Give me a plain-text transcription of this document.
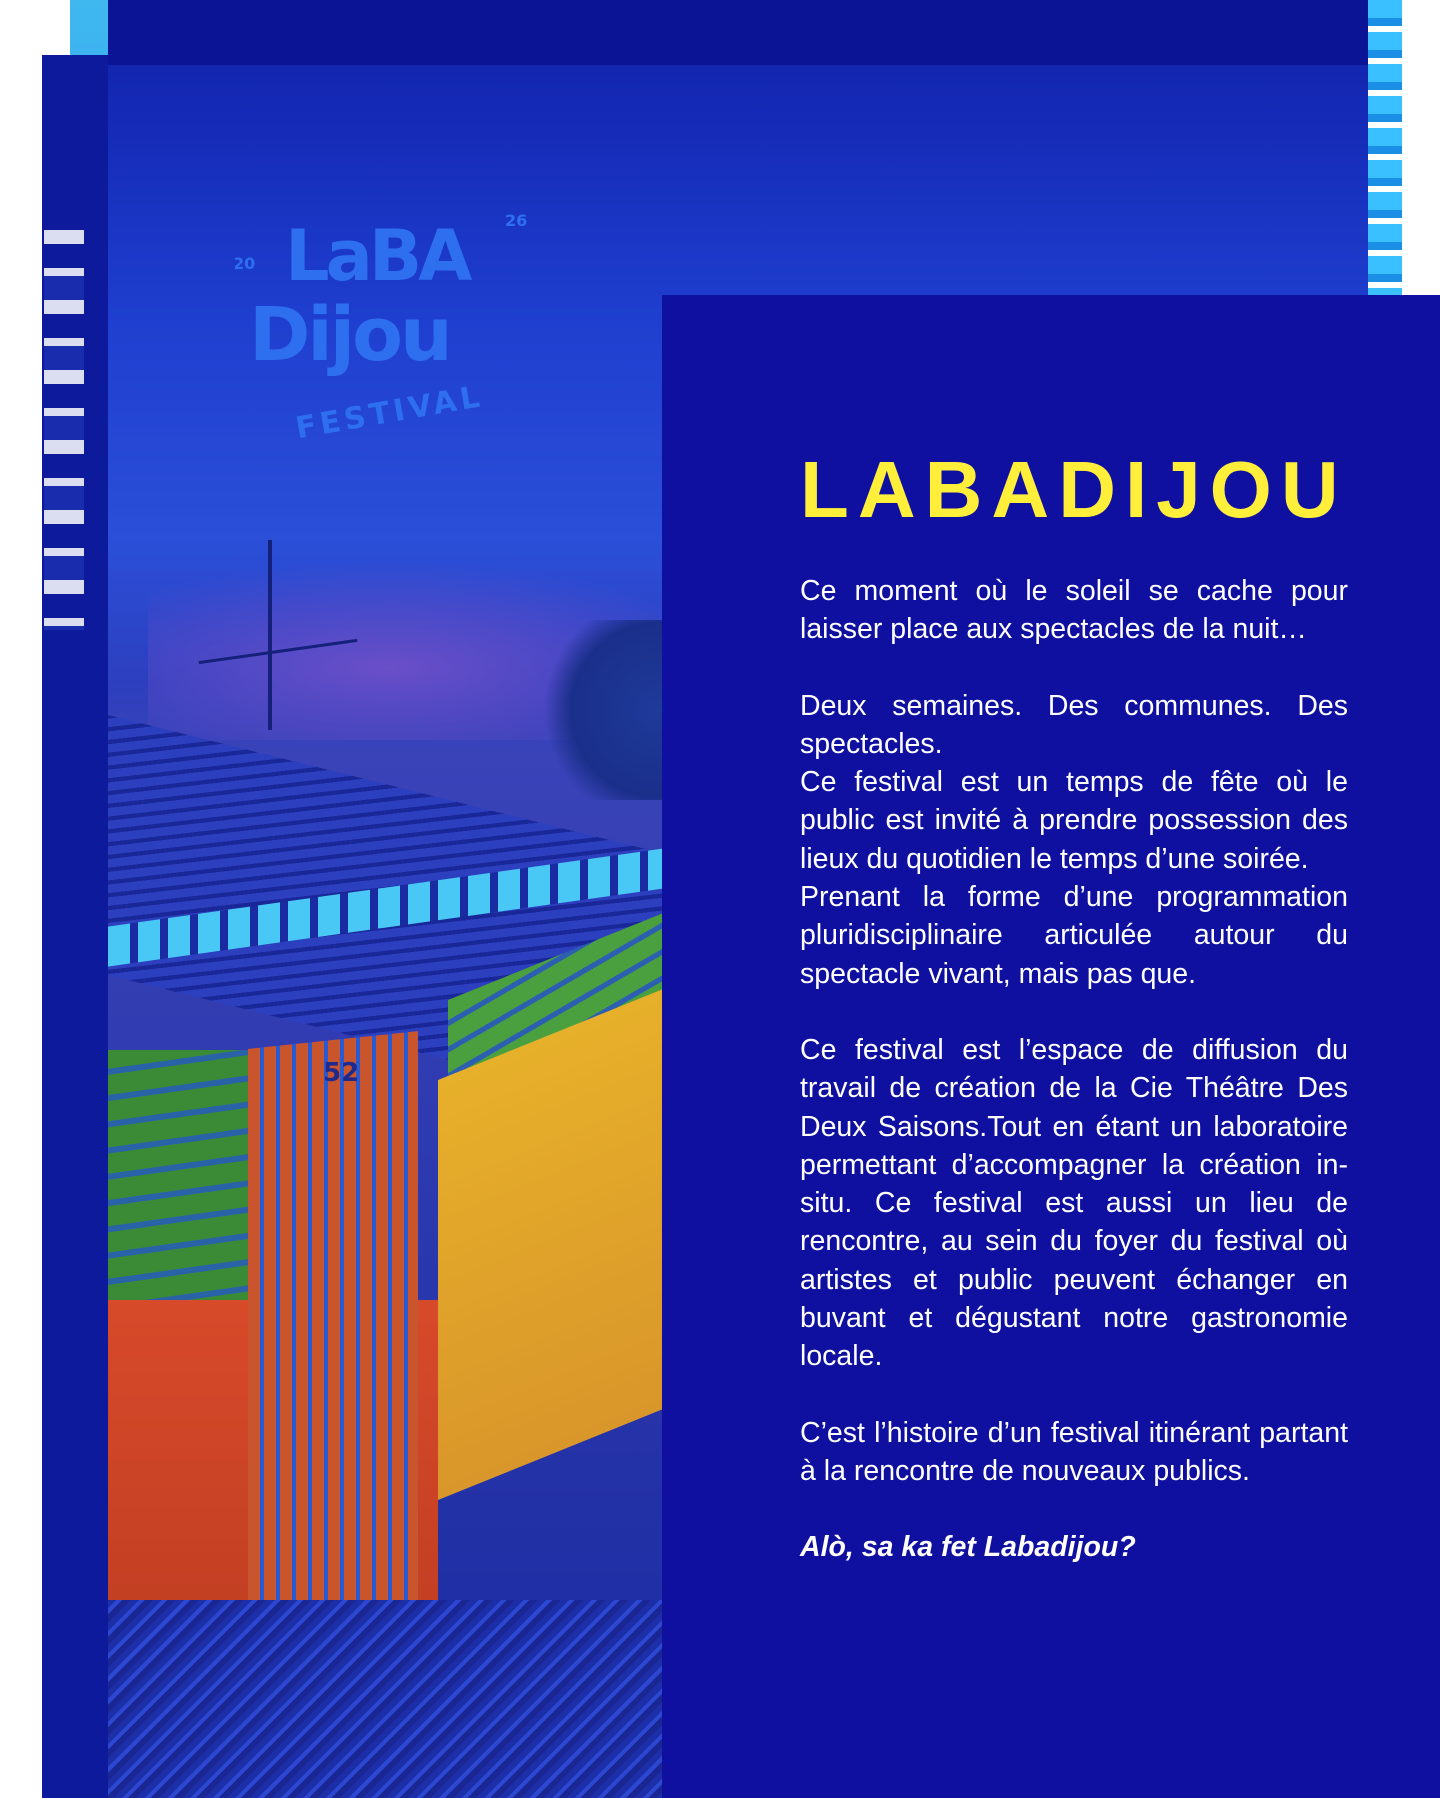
52
20
26
LaBA
Dijou
FESTIVAL
LABADIJOU

Ce moment où le soleil se cache pour laisser place aux spectacles de la nuit…

Deux semaines. Des communes. Des spectacles.

Ce festival est un temps de fête où le public est invité à prendre possession des lieux du quotidien le temps d’une soirée.

Prenant la forme d’une programmation pluridisciplinaire articulée autour du spectacle vivant, mais pas que.

Ce festival est l’espace de diffusion du travail de création de la Cie Théâtre Des Deux Saisons.Tout en étant un laboratoire permettant d’accompagner la création in-situ. Ce festival est aussi un lieu de rencontre, au sein du foyer du festival où artistes et public peuvent échanger en buvant et dégustant notre gastronomie locale.

C’est l’histoire d’un festival itinérant partant à la rencontre de nouveaux publics.

Alò, sa ka fet Labadijou?
